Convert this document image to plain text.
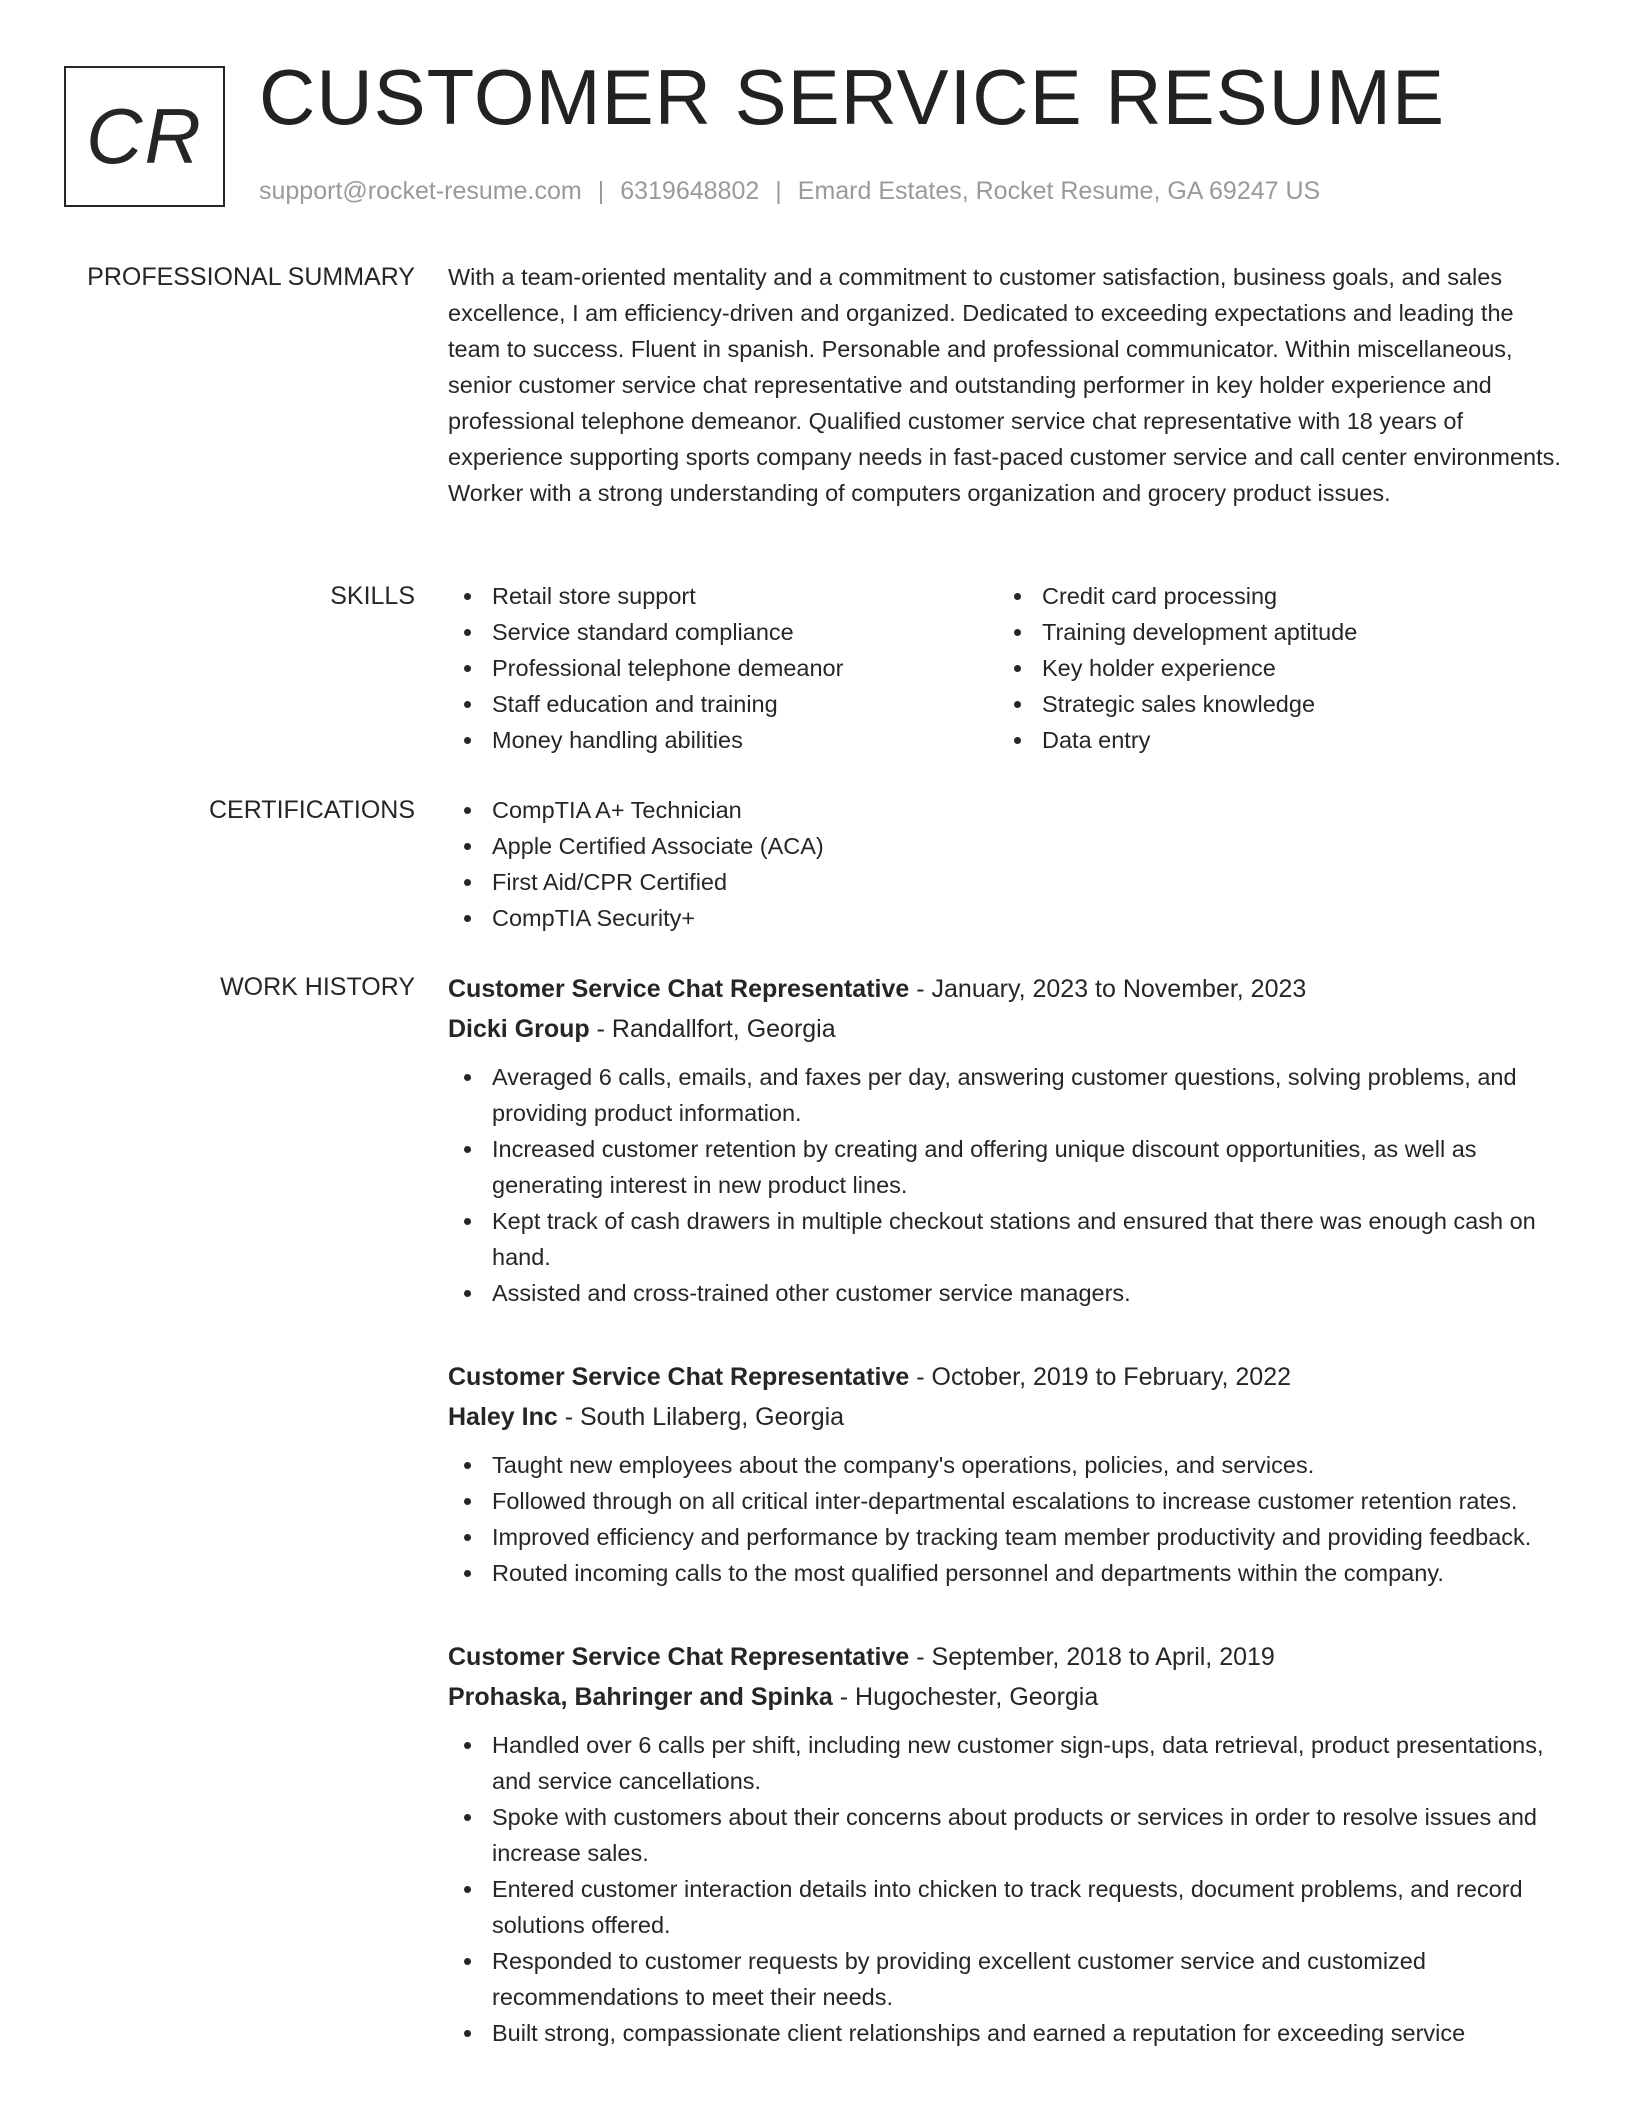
CR CUSTOMER SERVICE RESUME
support@rocket-resume.com | 6319648802 | Emard Estates, Rocket Resume, GA 69247 US
PROFESSIONAL SUMMARY With a team-oriented mentality and a commitment to customer satisfaction, business goals, and sales excellence, I am efficiency-driven and organized. Dedicated to exceeding expectations and leading the team to success. Fluent in spanish. Personable and professional communicator. Within miscellaneous, senior customer service chat representative and outstanding performer in key holder experience and professional telephone demeanor. Qualified customer service chat representative with 18 years of experience supporting sports company needs in fast-paced customer service and call center environments. Worker with a strong understanding of computers organization and grocery product issues.

SKILLS	Retail store support
Service standard compliance
Professional telephone demeanor
Staff education and training
Money handling abilities
Credit card processing
Training development aptitude
Key holder experience
Strategic sales knowledge
Data entry
CERTIFICATIONS	CompTIA A+ Technician
Apple Certified Associate (ACA)
First Aid/CPR Certified
CompTIA Security+
WORK HISTORY Customer Service Chat Representative - January, 2023 to November, 2023
Dicki Group - Randallfort, Georgia
Averaged 6 calls, emails, and faxes per day, answering customer questions, solving problems, and providing product information.
Increased customer retention by creating and offering unique discount opportunities, as well as generating interest in new product lines.
Kept track of cash drawers in multiple checkout stations and ensured that there was enough cash on hand.
Assisted and cross-trained other customer service managers.
Customer Service Chat Representative - October, 2019 to February, 2022
Haley Inc - South Lilaberg, Georgia
Taught new employees about the company's operations, policies, and services.
Followed through on all critical inter-departmental escalations to increase customer retention rates.
Improved efficiency and performance by tracking team member productivity and providing feedback.
Routed incoming calls to the most qualified personnel and departments within the company.
Customer Service Chat Representative - September, 2018 to April, 2019
Prohaska, Bahringer and Spinka - Hugochester, Georgia
Handled over 6 calls per shift, including new customer sign-ups, data retrieval, product presentations, and service cancellations.
Spoke with customers about their concerns about products or services in order to resolve issues and increase sales.
Entered customer interaction details into chicken to track requests, document problems, and record solutions offered.
Responded to customer requests by providing excellent customer service and customized recommendations to meet their needs.
Built strong, compassionate client relationships and earned a reputation for exceeding service
